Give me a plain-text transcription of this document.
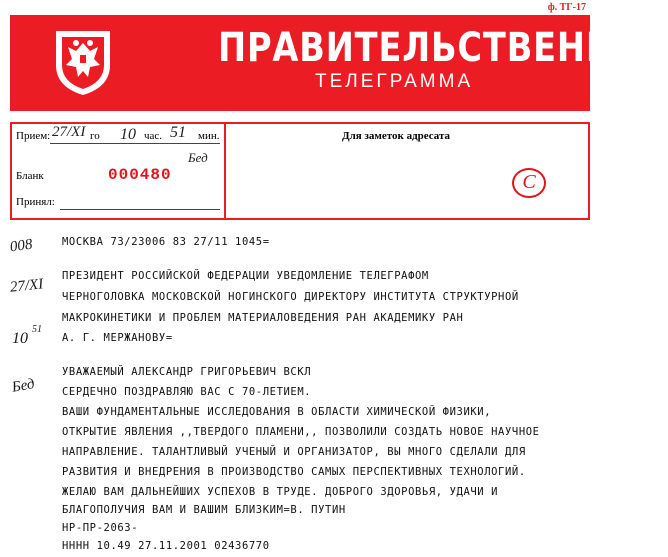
ф. ТГ-17
ПРАВИТЕЛЬСТВЕННАЯ
ТЕЛЕГРАММА
Прием: 27/XI го 10 час. 51 мин.
Бед
Бланк	000480
Принял:
Для заметок адресата
С
008
27/XI
10
51
Бед
МОСКВА 73/23006 83 27/11 1045=
ПРЕЗИДЕНТ РОССИЙСКОЙ ФЕДЕРАЦИИ УВЕДОМЛЕНИЕ ТЕЛЕГРАФОМ
ЧЕРНОГОЛОВКА МОСКОВСКОЙ НОГИНСКОГО ДИРЕКТОРУ ИНСТИТУТА СТРУКТУРНОЙ
МАКРОКИНЕТИКИ И ПРОБЛЕМ МАТЕРИАЛОВЕДЕНИЯ РАН АКАДЕМИКУ РАН
А. Г. МЕРЖАНОВУ=
УВАЖАЕМЫЙ АЛЕКСАНДР ГРИГОРЬЕВИЧ ВСКЛ
СЕРДЕЧНО ПОЗДРАВЛЯЮ ВАС С 70-ЛЕТИЕМ.
ВАШИ ФУНДАМЕНТАЛЬНЫЕ ИССЛЕДОВАНИЯ В ОБЛАСТИ ХИМИЧЕСКОЙ ФИЗИКИ,
ОТКРЫТИЕ ЯВЛЕНИЯ ,,ТВЕРДОГО ПЛАМЕНИ,, ПОЗВОЛИЛИ СОЗДАТЬ НОВОЕ НАУЧНОЕ
НАПРАВЛЕНИЕ. ТАЛАНТЛИВЫЙ УЧЕНЫЙ И ОРГАНИЗАТОР, ВЫ МНОГО СДЕЛАЛИ ДЛЯ
РАЗВИТИЯ И ВНЕДРЕНИЯ В ПРОИЗВОДСТВО САМЫХ ПЕРСПЕКТИВНЫХ ТЕХНОЛОГИЙ.
ЖЕЛАЮ ВАМ ДАЛЬНЕЙШИХ УСПЕХОВ В ТРУДЕ. ДОБРОГО ЗДОРОВЬЯ, УДАЧИ И
БЛАГОПОЛУЧИЯ ВАМ И ВАШИМ БЛИЗКИМ=В. ПУТИН
НР-ПР-2063-
НННН 10.49 27.11.2001 02436770
